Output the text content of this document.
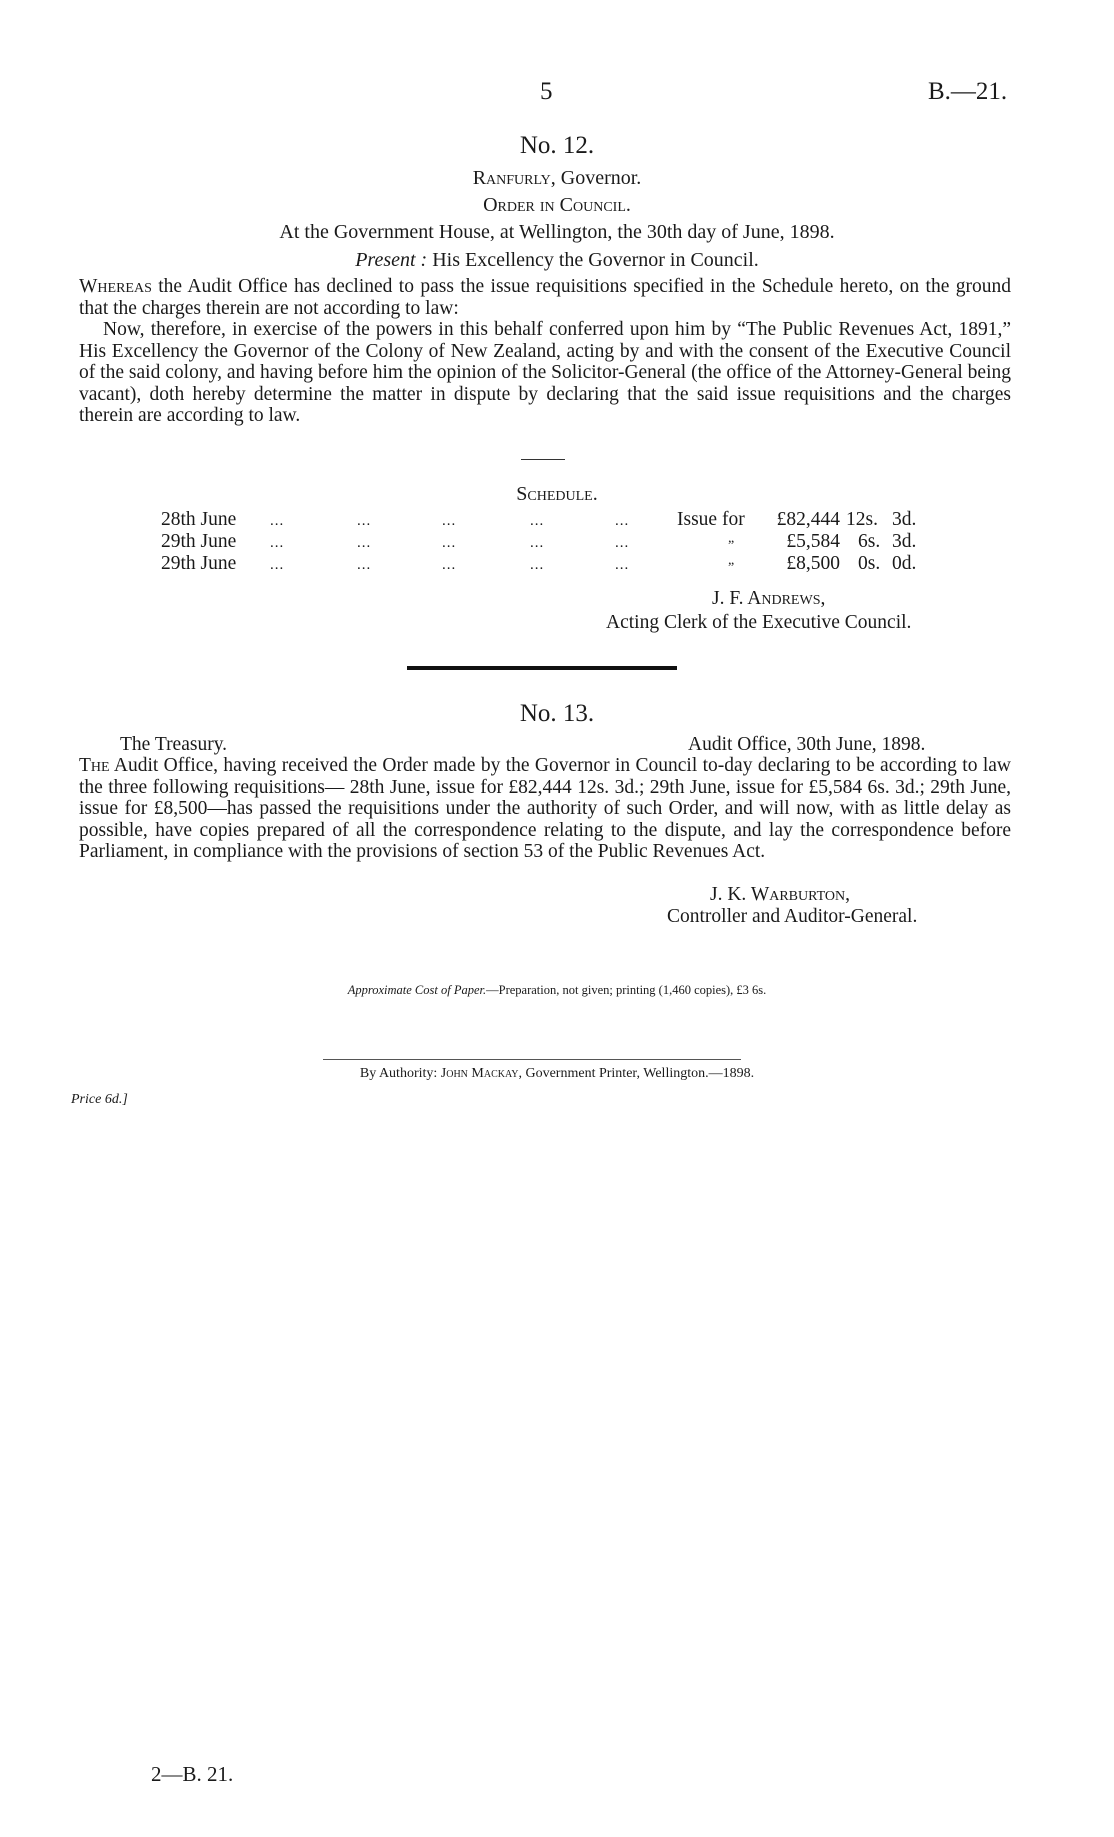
5	B.—21.
No. 12.
Ranfurly, Governor.
Order in Council.
At the Government House, at Wellington, the 30th day of June, 1898.
Present : His Excellency the Governor in Council.
Whereas the Audit Office has declined to pass the issue requisitions specified in the Schedule hereto, on the ground that the charges therein are not according to law:
Now, therefore, in exercise of the powers in this behalf conferred upon him by “The Public Revenues Act, 1891,” His Excellency the Governor of the Colony of New Zealand, acting by and with the consent of the Executive Council of the said colony, and having before him the opinion of the Solicitor-General (the office of the Attorney-General being vacant), doth hereby determine the matter in dispute by declaring that the said issue requisitions and the charges therein are according to law.
Schedule.
28th June ...	...	...	...	... Issue for	£82,444 12s. 3d.
29th June ...	...	...	...	...	„	£5,584 6s. 3d.
29th June ...	...	...	...	...	„	£8,500 0s. 0d.
J. F. Andrews,
Acting Clerk of the Executive Council.
No. 13.
The Treasury.	Audit Office, 30th June, 1898.
The Audit Office, having received the Order made by the Governor in Council to-day declaring to be according to law the three following requisitions— 28th June, issue for £82,444 12s. 3d.; 29th June, issue for £5,584 6s. 3d.; 29th June, issue for £8,500—has passed the requisitions under the authority of such Order, and will now, with as little delay as possible, have copies prepared of all the correspondence relating to the dispute, and lay the correspondence before Parliament, in compliance with the provisions of section 53 of the Public Revenues Act.
J. K. Warburton,
Controller and Auditor-General.
Approximate Cost of Paper.—Preparation, not given; printing (1,460 copies), £3 6s.
By Authority: John Mackay, Government Printer, Wellington.—1898.
Price 6d.]
2—B. 21.
